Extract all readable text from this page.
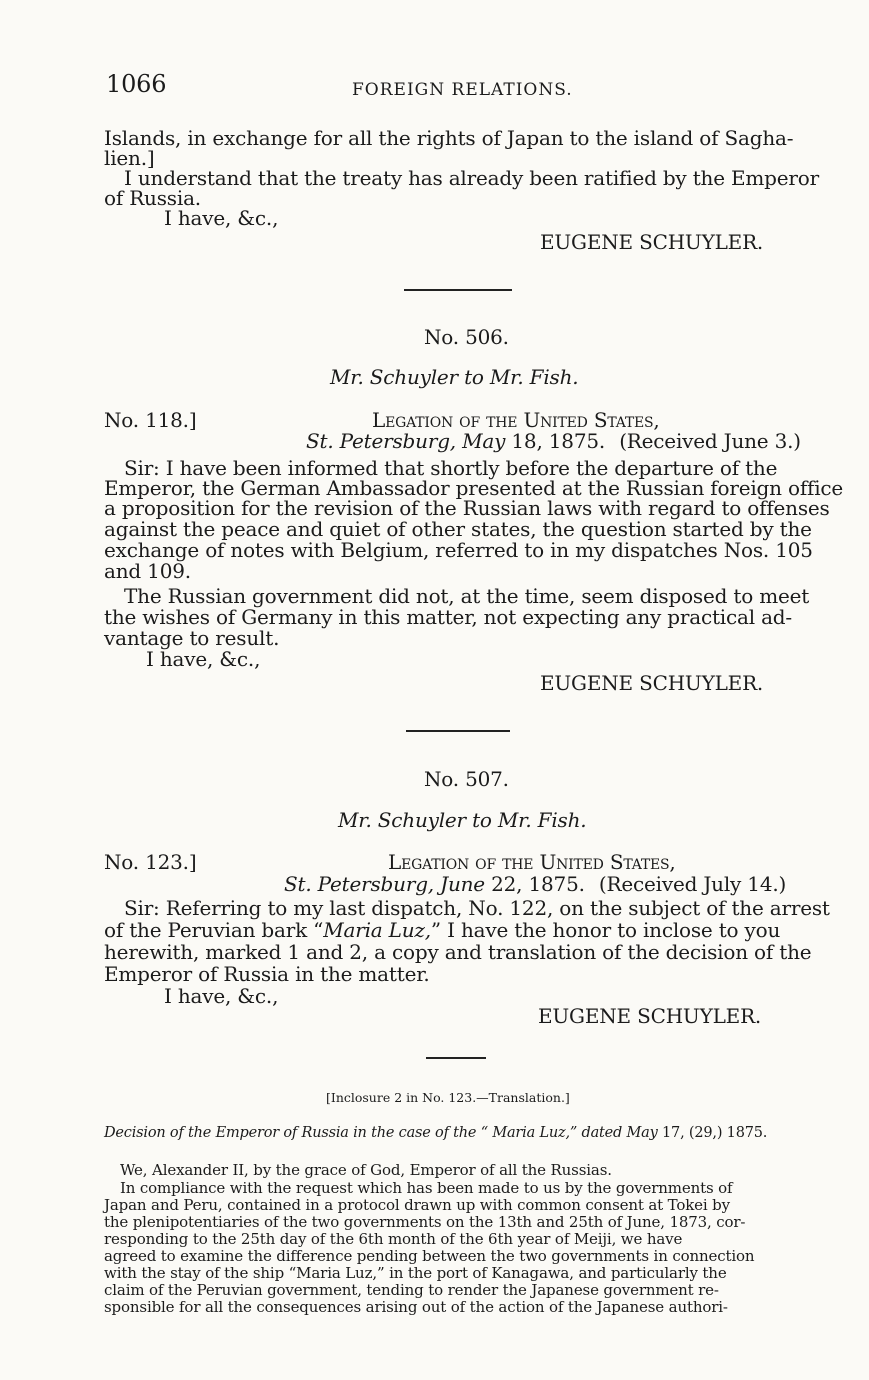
1066	FOREIGN RELATIONS.
Islands, in exchange for all the rights of Japan to the island of Sagha-
lien.]
I understand that the treaty has already been ratified by the Emperor
of Russia.
I have, &c.,
EUGENE SCHUYLER.
No. 506.
Mr. Schuyler to Mr. Fish.
No. 118.]	Legation of the United States,
St. Petersburg, May 18, 1875. (Received June 3.)
Sir: I have been informed that shortly before the departure of the
Emperor, the German Ambassador presented at the Russian foreign office
a proposition for the revision of the Russian laws with regard to offenses
against the peace and quiet of other states, the question started by the
exchange of notes with Belgium, referred to in my dispatches Nos. 105
and 109.
The Russian government did not, at the time, seem disposed to meet
the wishes of Germany in this matter, not expecting any practical ad-
vantage to result.
I have, &c.,
EUGENE SCHUYLER.
No. 507.
Mr. Schuyler to Mr. Fish.
No. 123.]	Legation of the United States,
St. Petersburg, June 22, 1875. (Received July 14.)
Sir: Referring to my last dispatch, No. 122, on the subject of the arrest
of the Peruvian bark “Maria Luz,” I have the honor to inclose to you
herewith, marked 1 and 2, a copy and translation of the decision of the
Emperor of Russia in the matter.
I have, &c.,
EUGENE SCHUYLER.
[Inclosure 2 in No. 123.—Translation.]
Decision of the Emperor of Russia in the case of the “ Maria Luz,” dated May 17, (29,) 1875.
We, Alexander II, by the grace of God, Emperor of all the Russias.
In compliance with the request which has been made to us by the governments of
Japan and Peru, contained in a protocol drawn up with common consent at Tokei by
the plenipotentiaries of the two governments on the 13th and 25th of June, 1873, cor-
responding to the 25th day of the 6th month of the 6th year of Meiji, we have
agreed to examine the difference pending between the two governments in connection
with the stay of the ship “Maria Luz,” in the port of Kanagawa, and particularly the
claim of the Peruvian government, tending to render the Japanese government re-
sponsible for all the consequences arising out of the action of the Japanese authori-
